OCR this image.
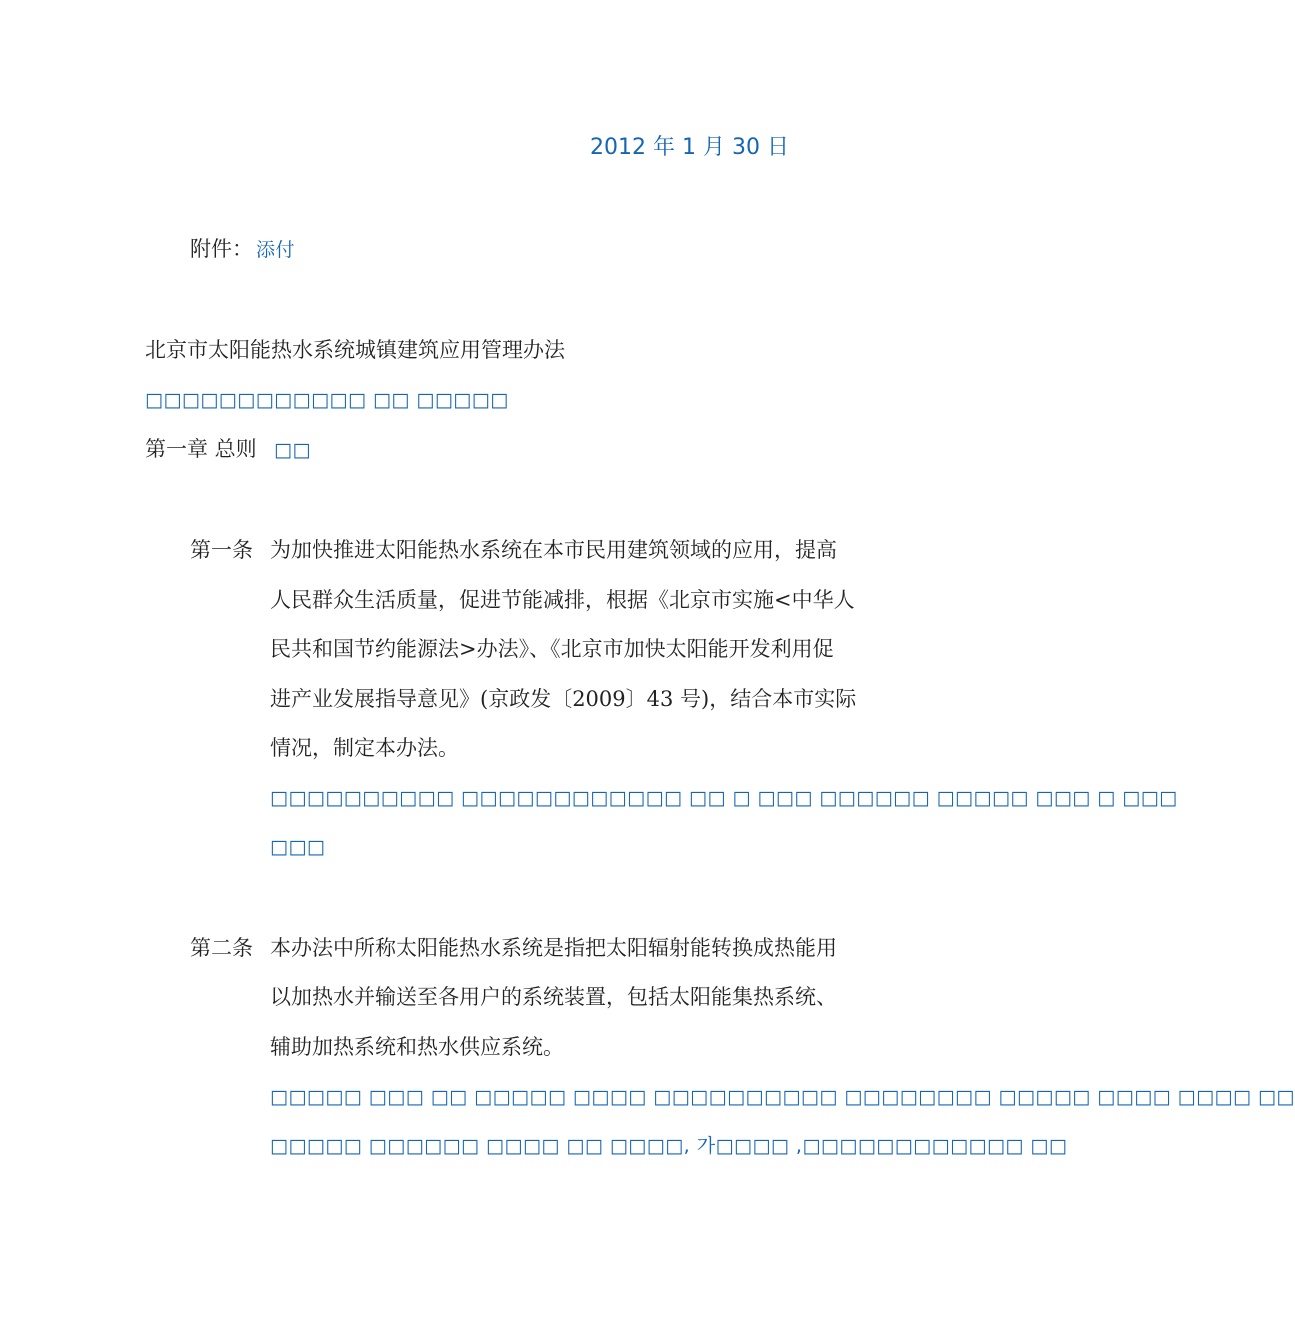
2012 年 1 月 30 日
附件： 添付
北京市太阳能热水系统城镇建筑应用管理办法
□□□□□□□□□□□□ □□ □□□□□
第一章 总则 □□
第一条 为加快推进太阳能热水系统在本市民用建筑领域的应用，提高
人民群众生活质量，促进节能减排，根据《北京市实施<中华人
民共和国节约能源法>办法》、《北京市加快太阳能开发利用促
进产业发展指导意见》(京政发〔2009〕43 号)，结合本市实际
情况，制定本办法。
□□□□□□□□□□ □□□□□□□□□□□□ □□ □ □□□ □□□□□□ □□□□□ □□□ □ □□□
□□□
第二条 本办法中所称太阳能热水系统是指把太阳辐射能转换成热能用
以加热水并输送至各用户的系统装置，包括太阳能集热系统、
辅助加热系统和热水供应系统。
□□□□□ □□□ □□ □□□□□ □□□□ □□□□□□□□□□ □□□□□□□□ □□□□□ □□□□ □□□□ □□
□□□□□ □□□□□□ □□□□ □□ □□□□, 가□□□□ ,□□□□□□□□□□□□ □□
